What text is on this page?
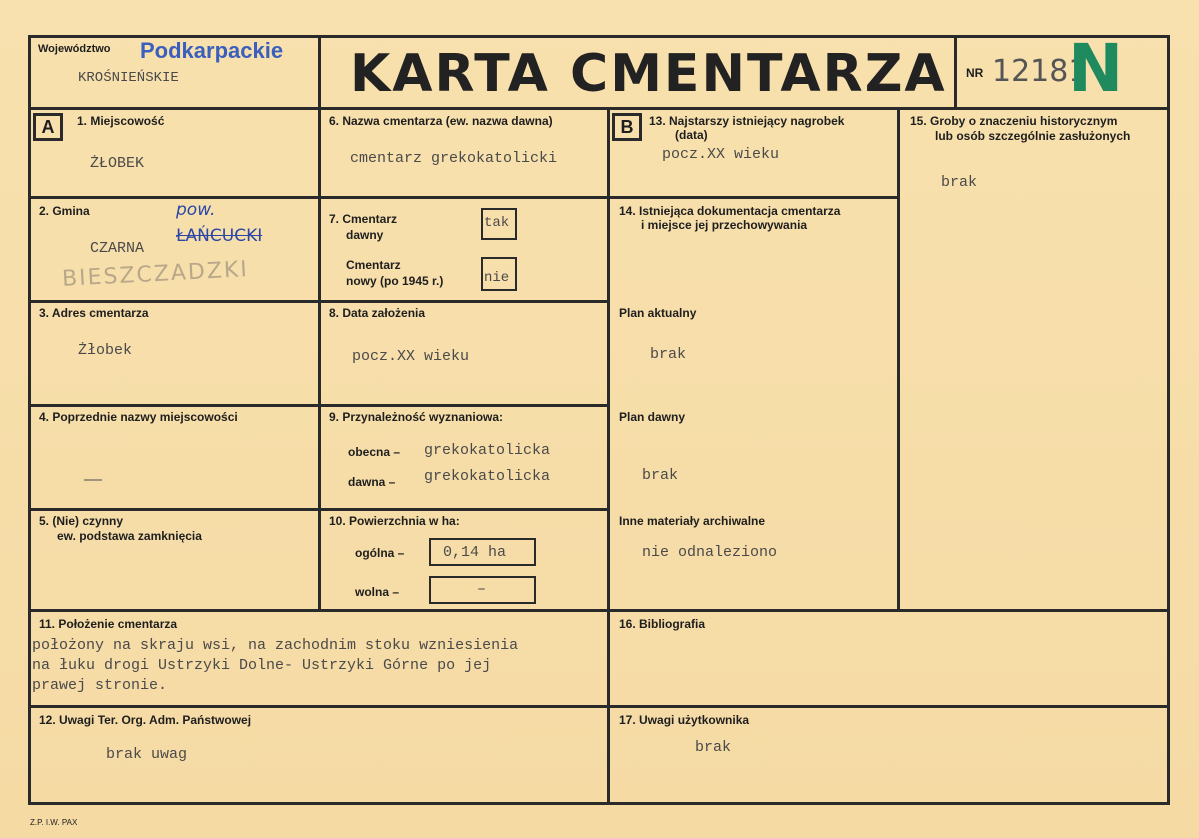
Województwo Podkarpackie
KROŚNIEŃSKIE	KARTA CMENTARZA NR 12181
N
A	B
1. Miejscowość
ŻŁOBEK
2. Gmina
CZARNA
pow.
ŁAŃCUCKI
BIESZCZADZKI
3. Adres cmentarza
Żłobek
4. Poprzednie nazwy miejscowości
——
5. (Nie) czynny
ew. podstawa zamknięcia
6. Nazwa cmentarza (ew. nazwa dawna)
cmentarz grekokatolicki
7. Cmentarz
dawny
tak
Cmentarz
nowy (po 1945 r.)	nie
8. Data założenia
pocz.XX wieku
9. Przynależność wyznaniowa:
obecna – grekokatolicka
dawna – grekokatolicka
10. Powierzchnia w ha:
ogólna –	0,14 ha
wolna –	–
13. Najstarszy istniejący nagrobek
(data)
pocz.XX wieku
14. Istniejąca dokumentacja cmentarza
i miejsce jej przechowywania
Plan aktualny
brak
Plan dawny
brak
Inne materiały archiwalne
nie odnaleziono
15. Groby o znaczeniu historycznym
lub osób szczególnie zasłużonych
brak
11. Położenie cmentarza
położony na skraju wsi, na zachodnim stoku wzniesienia
na łuku drogi Ustrzyki Dolne- Ustrzyki Górne po jej
prawej stronie.
16. Bibliografia
12. Uwagi Ter. Org. Adm. Państwowej
brak uwag
17. Uwagi użytkownika
brak
Z.P. I.W. PAX
